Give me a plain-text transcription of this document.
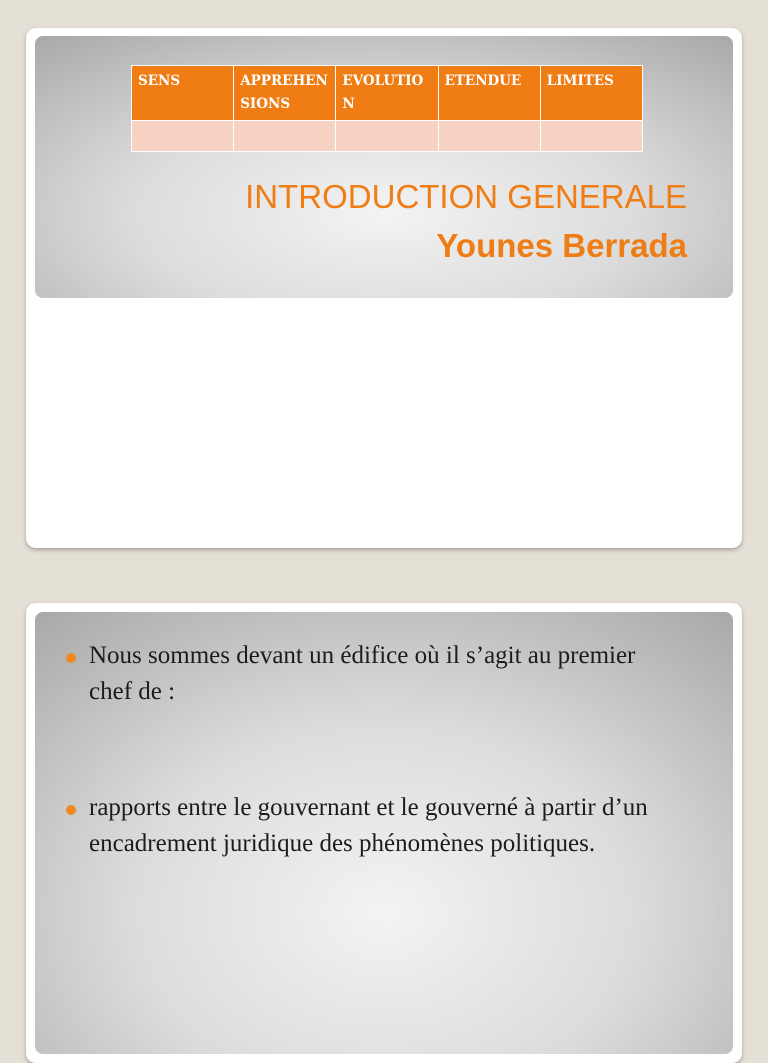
SENS	APPREHENSIONS	EVOLUTION	ETENDUE	LIMITES

INTRODUCTION GENERALE
Younes Berrada
Nous sommes devant un édifice où il s’agit au premier chef de :
rapports entre le gouvernant et le gouverné à partir d’un encadrement juridique des phénomènes politiques.
